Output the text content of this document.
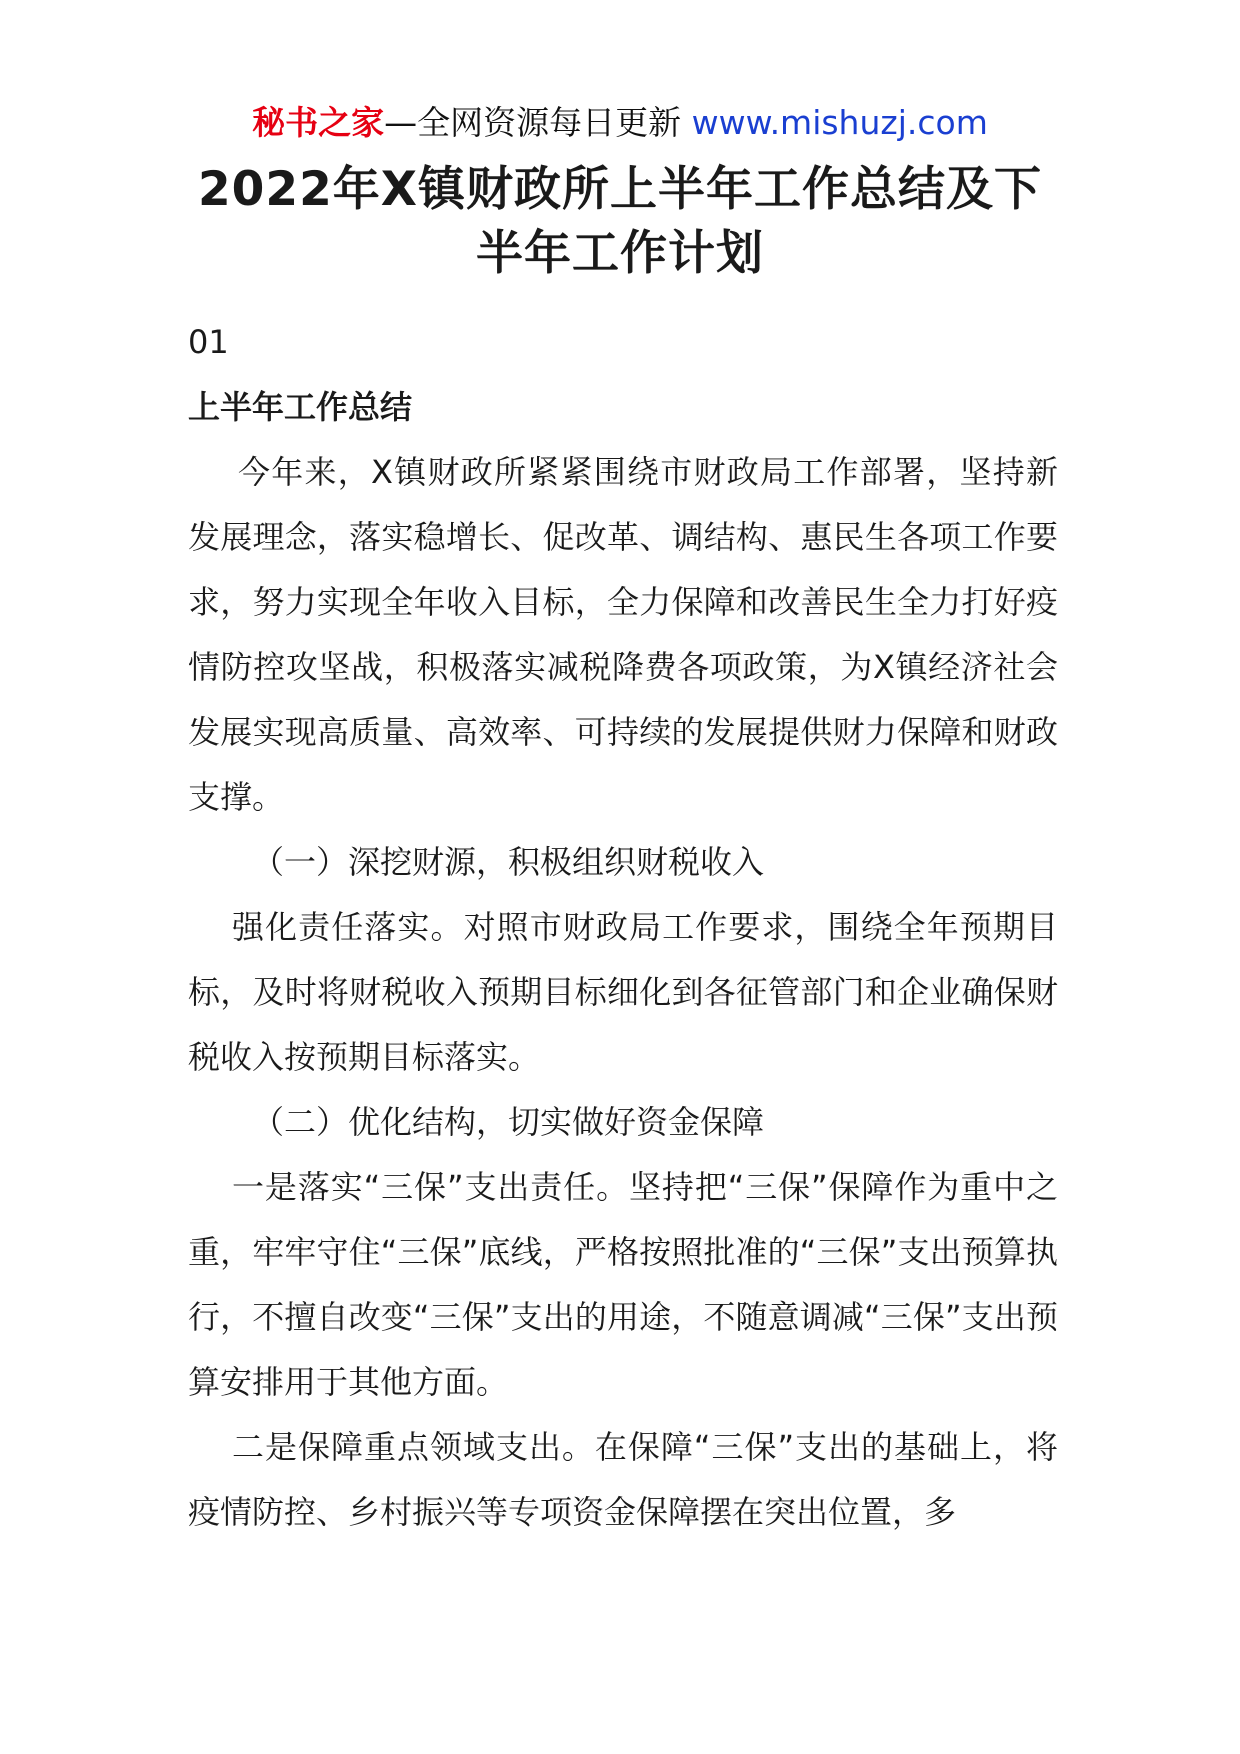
秘书之家—全网资源每日更新 www.mishuzj.com
2022年X镇财政所上半年工作总结及下半年工作计划

01

上半年工作总结

今年来，X镇财政所紧紧围绕市财政局工作部署，坚持新发展理念，落实稳增长、促改革、调结构、惠民生各项工作要求，努力实现全年收入目标，全力保障和改善民生全力打好疫情防控攻坚战，积极落实减税降费各项政策，为X镇经济社会发展实现高质量、高效率、可持续的发展提供财力保障和财政支撑。

（一）深挖财源，积极组织财税收入

强化责任落实。对照市财政局工作要求，围绕全年预期目标，及时将财税收入预期目标细化到各征管部门和企业确保财税收入按预期目标落实。

（二）优化结构，切实做好资金保障

一是落实“三保”支出责任。坚持把“三保”保障作为重中之重，牢牢守住“三保”底线，严格按照批准的“三保”支出预算执行，不擅自改变“三保”支出的用途，不随意调减“三保”支出预算安排用于其他方面。

二是保障重点领域支出。在保障“三保”支出的基础上，将疫情防控、乡村振兴等专项资金保障摆在突出位置，多
